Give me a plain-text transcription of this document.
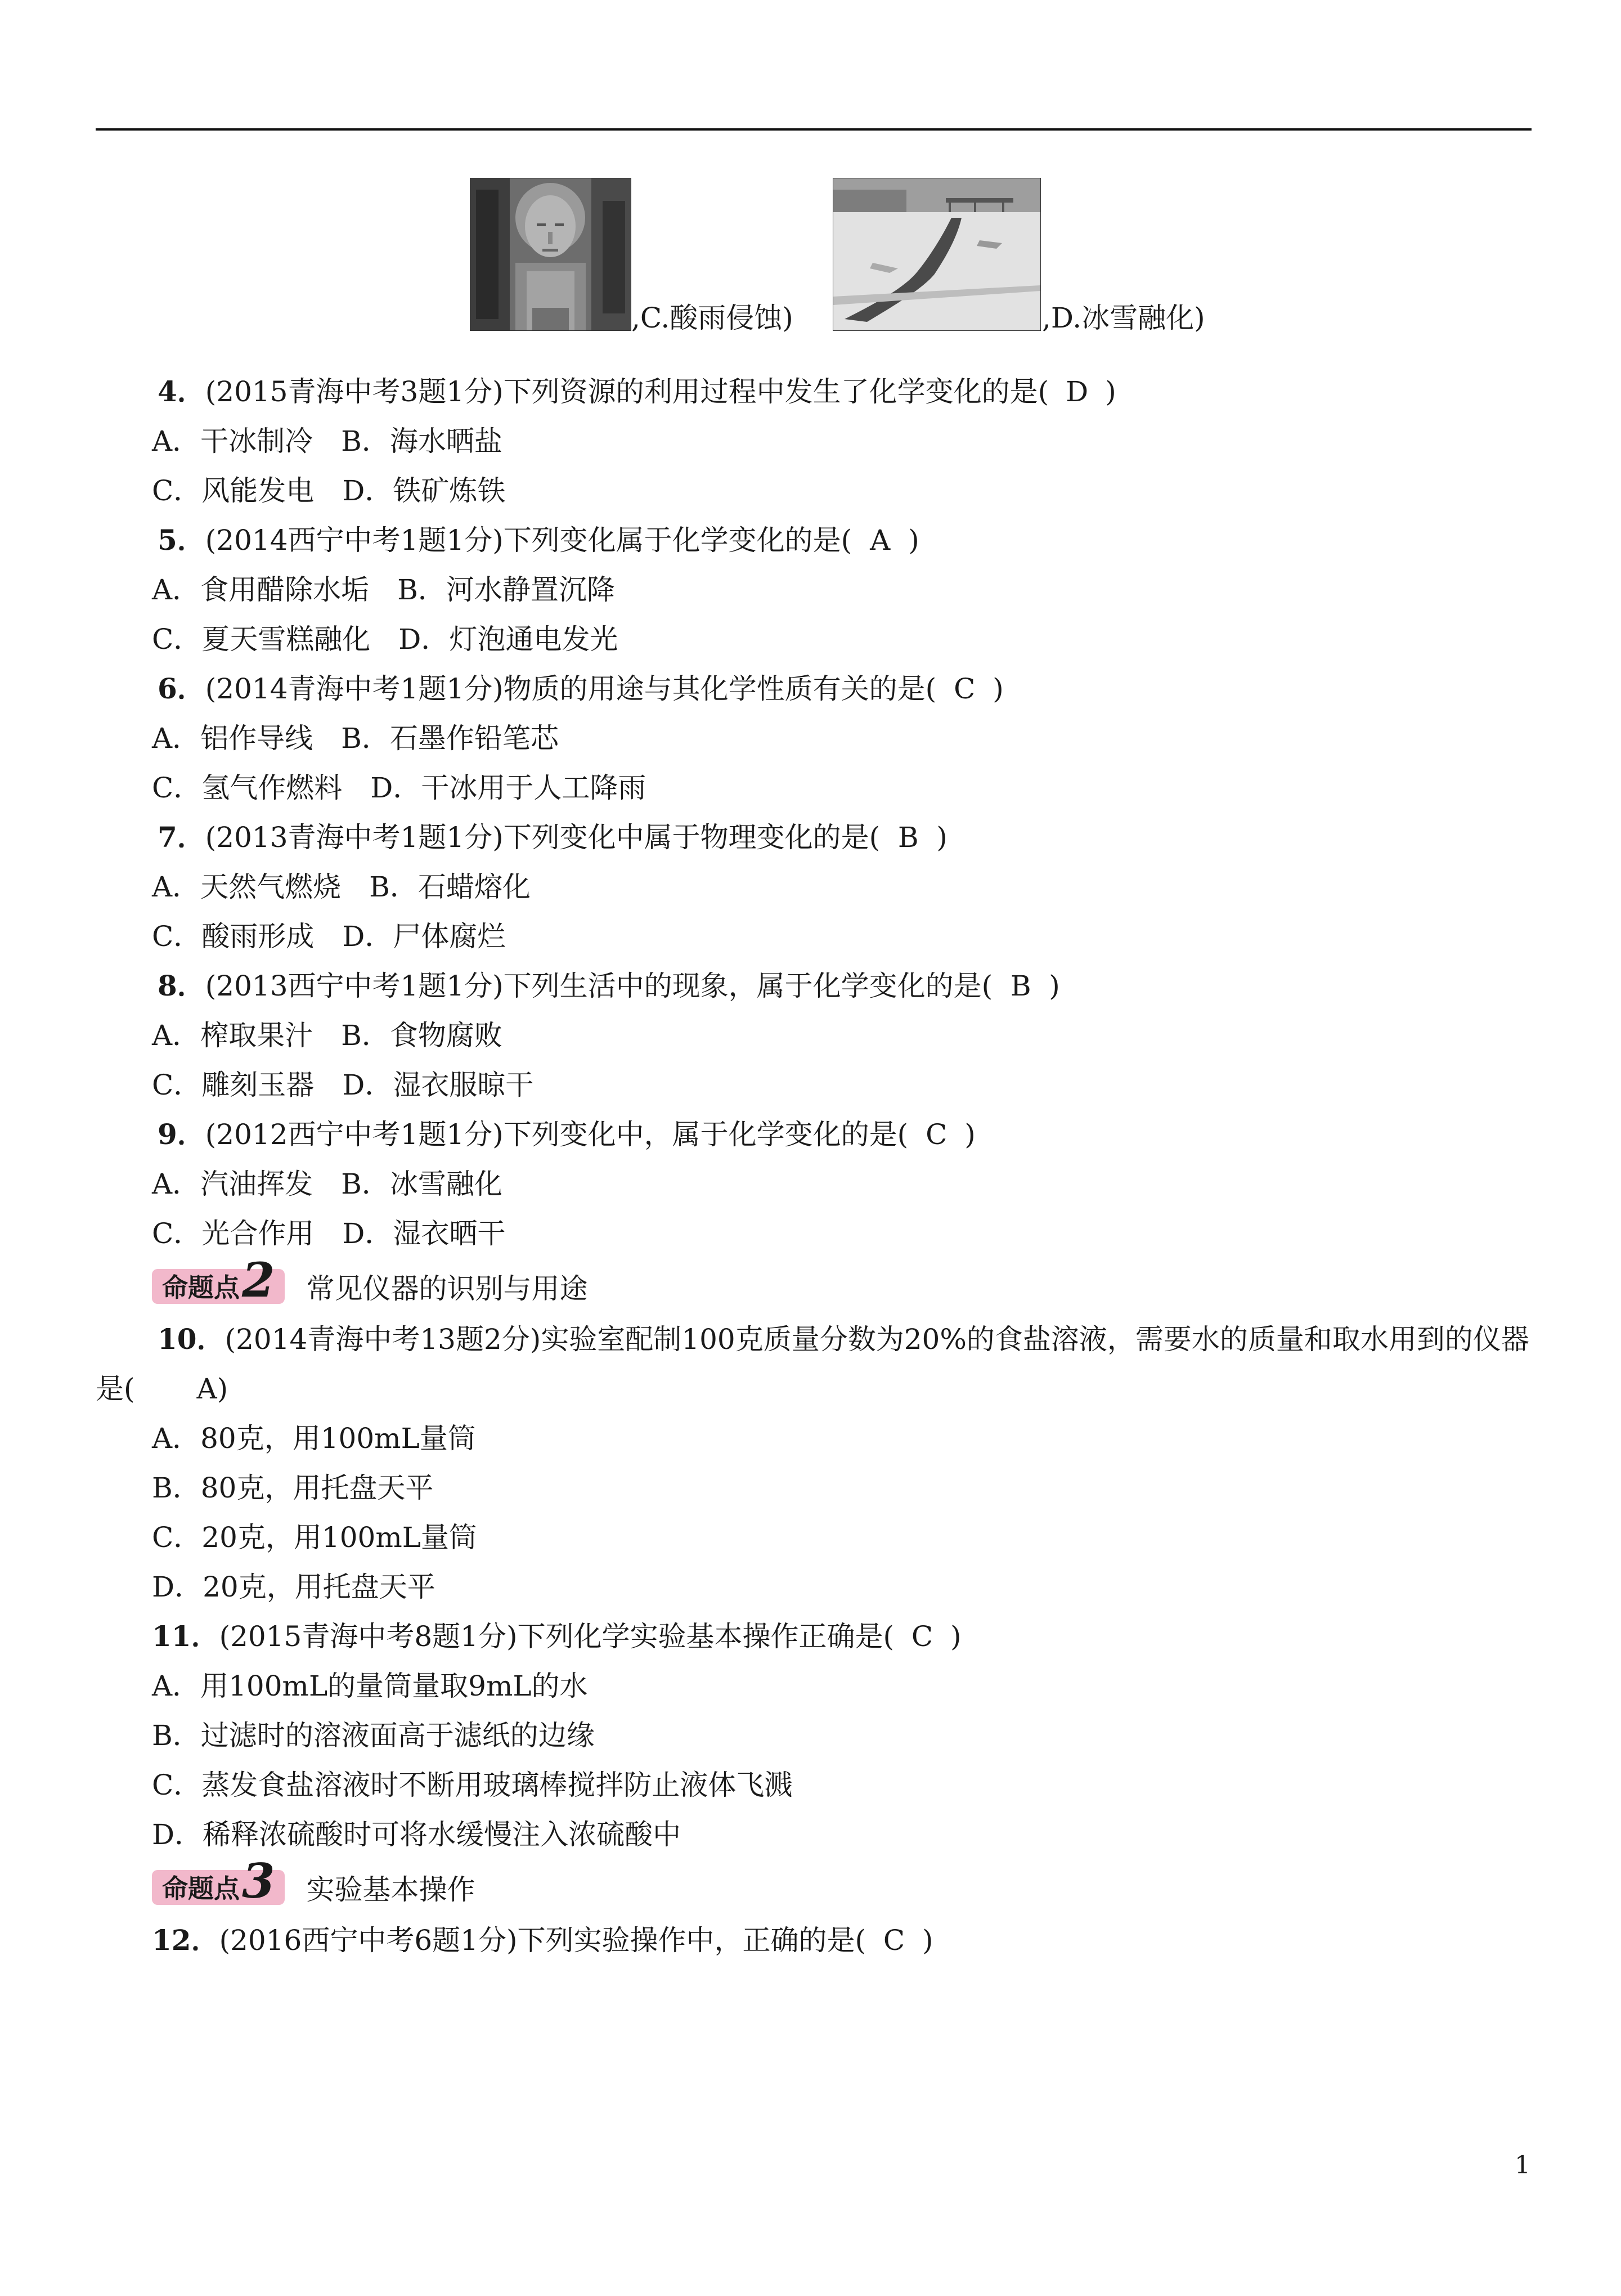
,C.酸雨侵蚀)	,D.冰雪融化)
4．(2015青海中考3题1分)下列资源的利用过程中发生了化学变化的是( D )
A．干冰制冷　B．海水晒盐
C．风能发电　D．铁矿炼铁
5．(2014西宁中考1题1分)下列变化属于化学变化的是( A )
A．食用醋除水垢　B．河水静置沉降
C．夏天雪糕融化　D．灯泡通电发光
6．(2014青海中考1题1分)物质的用途与其化学性质有关的是( C )
A．铝作导线　B．石墨作铅笔芯
C．氢气作燃料　D．干冰用于人工降雨
7．(2013青海中考1题1分)下列变化中属于物理变化的是( B )
A．天然气燃烧　B．石蜡熔化
C．酸雨形成　D．尸体腐烂
8．(2013西宁中考1题1分)下列生活中的现象，属于化学变化的是( B )
A．榨取果汁　B．食物腐败
C．雕刻玉器　D．湿衣服晾干
9．(2012西宁中考1题1分)下列变化中，属于化学变化的是( C )
A．汽油挥发　B．冰雪融化
C．光合作用　D．湿衣晒干
命题点 2 常见仪器的识别与用途
10．(2014青海中考13题2分)实验室配制100克质量分数为20%的食盐溶液，需要水的质量和取水用到的仪器是( A)
A．80克，用100mL量筒
B．80克，用托盘天平
C．20克，用100mL量筒
D．20克，用托盘天平
11．(2015青海中考8题1分)下列化学实验基本操作正确是( C )
A．用100mL的量筒量取9mL的水
B．过滤时的溶液面高于滤纸的边缘
C．蒸发食盐溶液时不断用玻璃棒搅拌防止液体飞溅
D．稀释浓硫酸时可将水缓慢注入浓硫酸中
命题点 3 实验基本操作
12．(2016西宁中考6题1分)下列实验操作中，正确的是( C )
1
